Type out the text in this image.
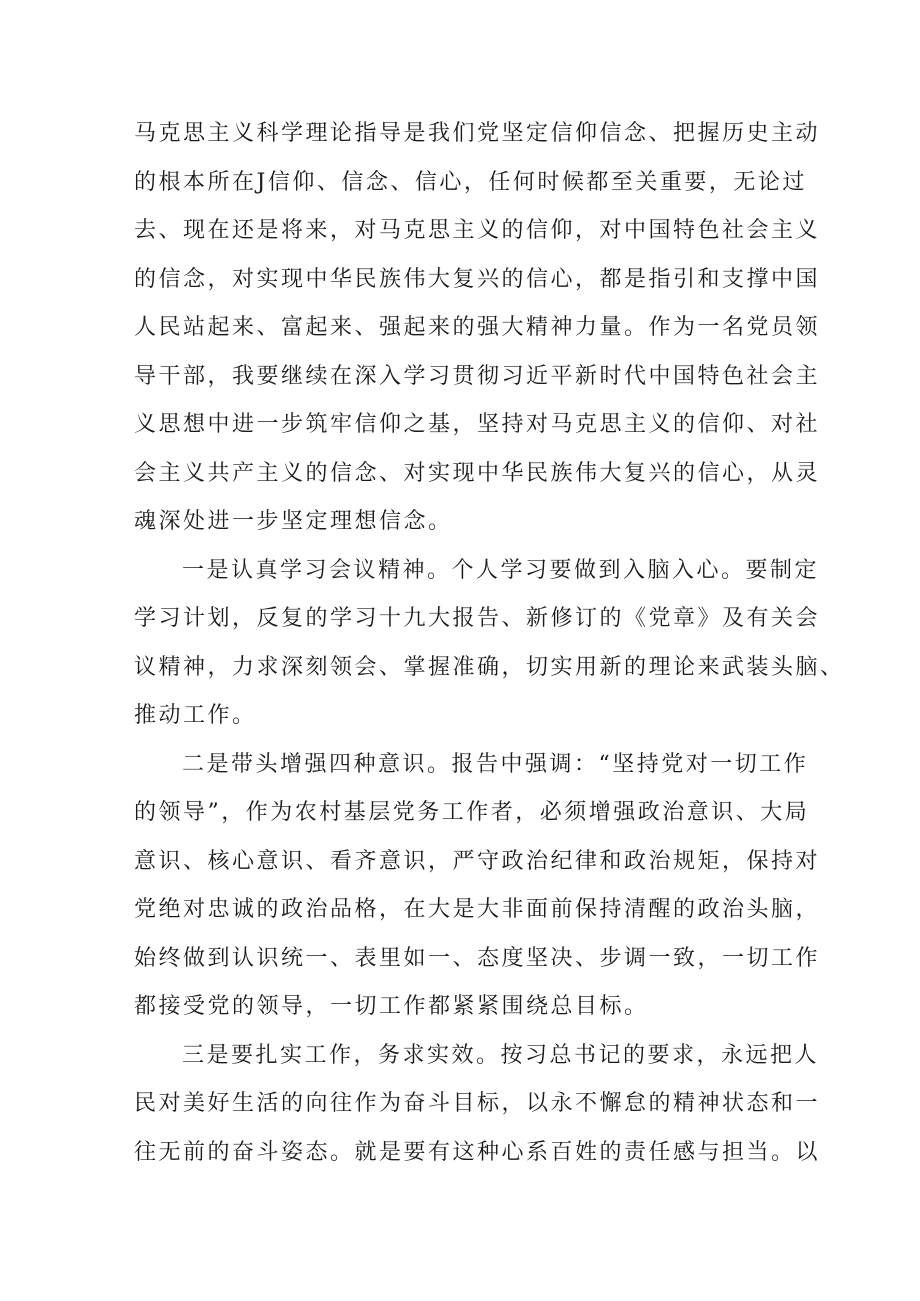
马克思主义科学理论指导是我们党坚定信仰信念、把握历史主动
的根本所在J信仰、信念、信心，任何时候都至关重要，无论过
去、现在还是将来，对马克思主义的信仰，对中国特色社会主义
的信念，对实现中华民族伟大复兴的信心，都是指引和支撑中国
人民站起来、富起来、强起来的强大精神力量。作为一名党员领
导干部，我要继续在深入学习贯彻习近平新时代中国特色社会主
义思想中进一步筑牢信仰之基，坚持对马克思主义的信仰、对社
会主义共产主义的信念、对实现中华民族伟大复兴的信心，从灵
魂深处进一步坚定理想信念。
一是认真学习会议精神。个人学习要做到入脑入心。要制定
学习计划，反复的学习十九大报告、新修订的《党章》及有关会
议精神，力求深刻领会、掌握准确，切实用新的理论来武装头脑、
推动工作。
二是带头增强四种意识。报告中强调：“坚持党对一切工作
的领导”，作为农村基层党务工作者，必须增强政治意识、大局
意识、核心意识、看齐意识，严守政治纪律和政治规矩，保持对
党绝对忠诚的政治品格，在大是大非面前保持清醒的政治头脑，
始终做到认识统一、表里如一、态度坚决、步调一致，一切工作
都接受党的领导，一切工作都紧紧围绕总目标。
三是要扎实工作，务求实效。按习总书记的要求，永远把人
民对美好生活的向往作为奋斗目标，以永不懈怠的精神状态和一
往无前的奋斗姿态。就是要有这种心系百姓的责任感与担当。以
